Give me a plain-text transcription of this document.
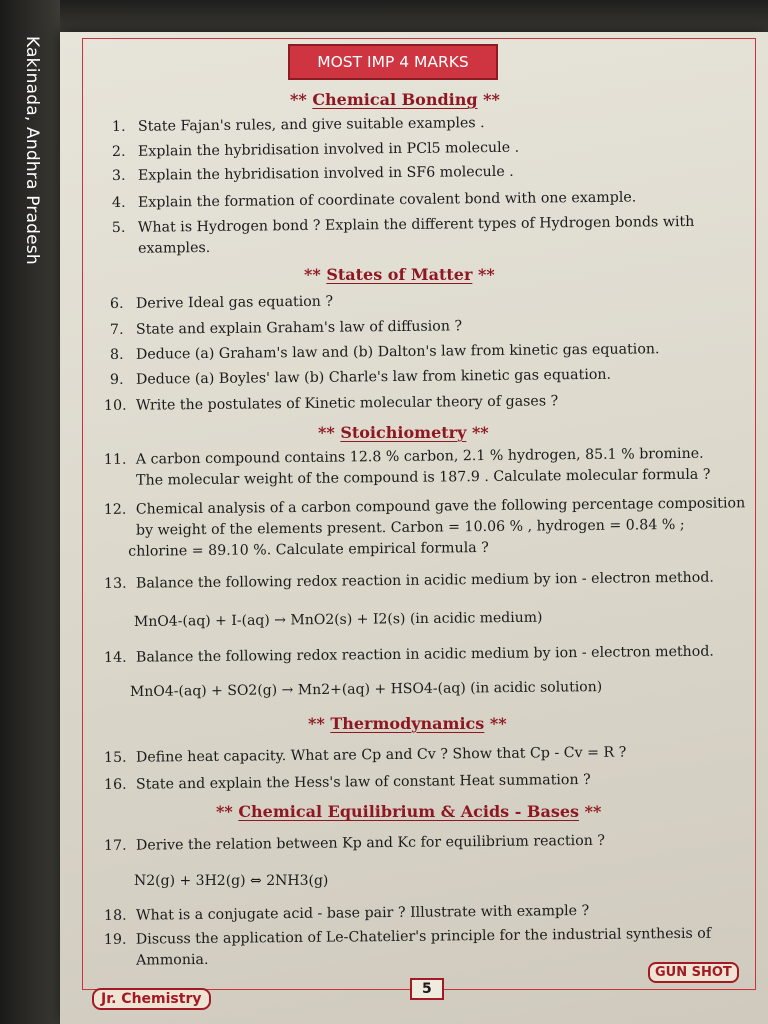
Kakinada, Andhra Pradesh	MOST IMP 4 MARKS
** Chemical Bonding **
1. State Fajan's rules, and give suitable examples .
2. Explain the hybridisation involved in PCl5 molecule .
3. Explain the hybridisation involved in SF6 molecule .
4. Explain the formation of coordinate covalent bond with one example.
5. What is Hydrogen bond ? Explain the different types of Hydrogen bonds with
examples.
** States of Matter **
6. Derive Ideal gas equation ?
7. State and explain Graham's law of diffusion ?
8. Deduce (a) Graham's law and (b) Dalton's law from kinetic gas equation.
9. Deduce (a) Boyles' law (b) Charle's law from kinetic gas equation.
10. Write the postulates of Kinetic molecular theory of gases ?
** Stoichiometry **
11. A carbon compound contains 12.8 % carbon, 2.1 % hydrogen, 85.1 % bromine.
The molecular weight of the compound is 187.9 . Calculate molecular formula ?
12. Chemical analysis of a carbon compound gave the following percentage composition
by weight of the elements present. Carbon = 10.06 % , hydrogen = 0.84 % ;
chlorine = 89.10 %. Calculate empirical formula ?
13. Balance the following redox reaction in acidic medium by ion - electron method.
MnO4-(aq) + I-(aq) → MnO2(s) + I2(s) (in acidic medium)
14. Balance the following redox reaction in acidic medium by ion - electron method.
MnO4-(aq) + SO2(g) → Mn2+(aq) + HSO4-(aq) (in acidic solution)
** Thermodynamics **
15. Define heat capacity. What are Cp and Cv ? Show that Cp - Cv = R ?
16. State and explain the Hess's law of constant Heat summation ?
** Chemical Equilibrium & Acids - Bases **
17. Derive the relation between Kp and Kc for equilibrium reaction ?
N2(g) + 3H2(g) ⇔ 2NH3(g)
18. What is a conjugate acid - base pair ? Illustrate with example ?
19. Discuss the application of Le-Chatelier's principle for the industrial synthesis of
Ammonia.
Jr. Chemistry
5
GUN SHOT
